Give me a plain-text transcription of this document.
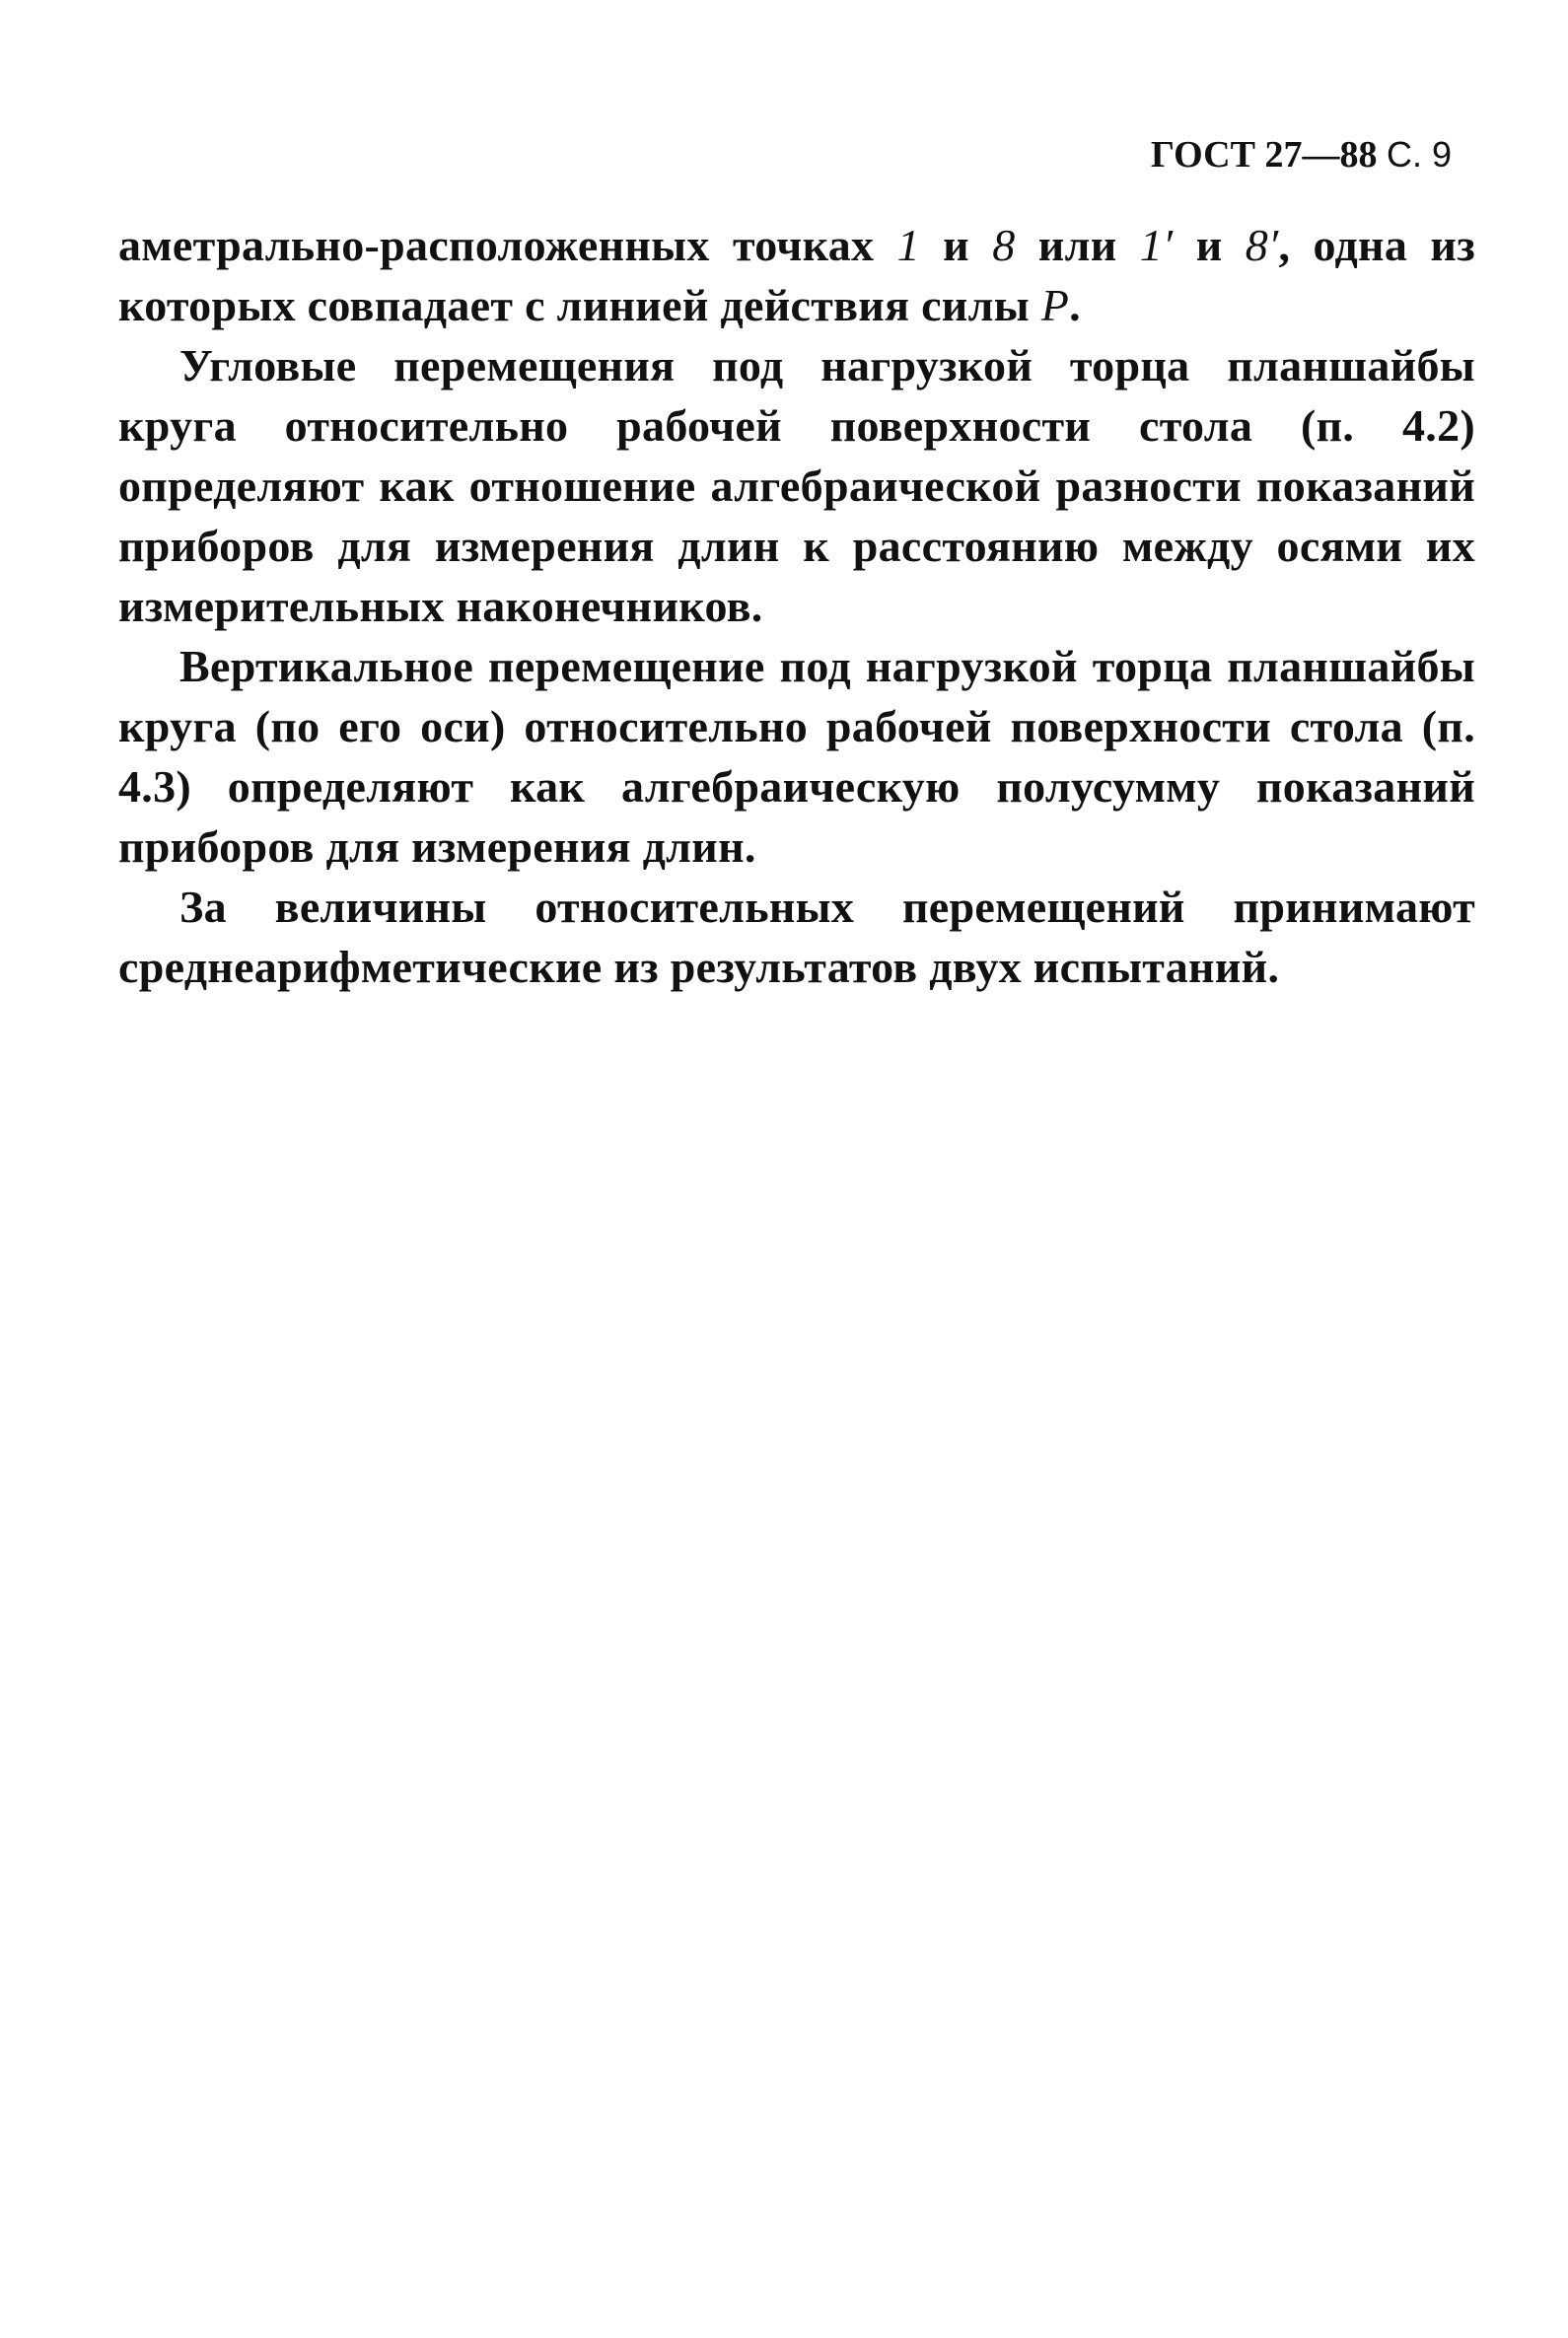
ГОСТ 27—88 С. 9

аметрально-расположенных точках 1 и 8 или 1′ и 8′, одна из которых совпадает с линией действия силы P.

Угловые перемещения под нагрузкой торца планшайбы круга относительно рабочей поверхности стола (п. 4.2) определяют как отношение алгебраической разности показаний приборов для измерения длин к расстоянию между осями их измерительных наконечников.

Вертикальное перемещение под нагрузкой торца планшайбы круга (по его оси) относительно рабочей поверхности стола (п. 4.3) определяют как алгебраическую полусумму показаний приборов для измерения длин.

За величины относительных перемещений принимают среднеарифметические из результатов двух испытаний.
